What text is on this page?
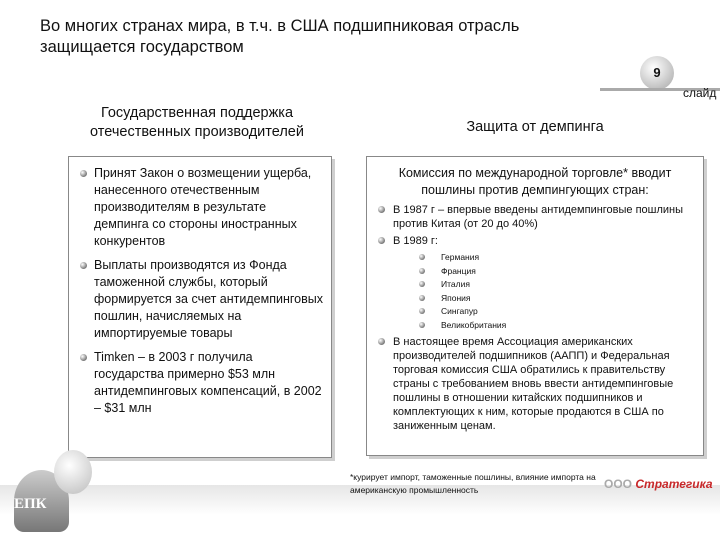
Во многих странах мира, в т.ч. в США подшипниковая отрасль защищается государством
9
слайд
Государственная поддержка отечественных производителей
Принят Закон о возмещении ущерба, нанесенного отечественным производителям в результате демпинга со стороны иностранных конкурентов
Выплаты производятся из Фонда таможенной службы, который формируется за счет антидемпинговых пошлин, начисляемых на импортируемые товары
Timken – в 2003 г получила государства примерно $53 млн антидемпинговых компенсаций, в 2002 – $31 млн
Защита от демпинга
Комиссия по международной торговле* вводит пошлины против демпингующих стран:
В 1987 г – впервые введены антидемпинговые пошлины против Китая (от 20 до 40%)
В 1989 г:
Германия
Франция
Италия
Япония
Сингапур
Великобритания
В настоящее время Ассоциация американских производителей подшипников (ААПП) и Федеральная торговая комиссия США обратились к правительству страны с требованием вновь ввести антидемпинговые пошлины в отношении китайских подшипников и комплектующих к ним, которые продаются в США по заниженным ценам.
*курирует импорт, таможенные пошлины, влияние импорта на американскую промышленность
ЕПК
ООО Стратегика
